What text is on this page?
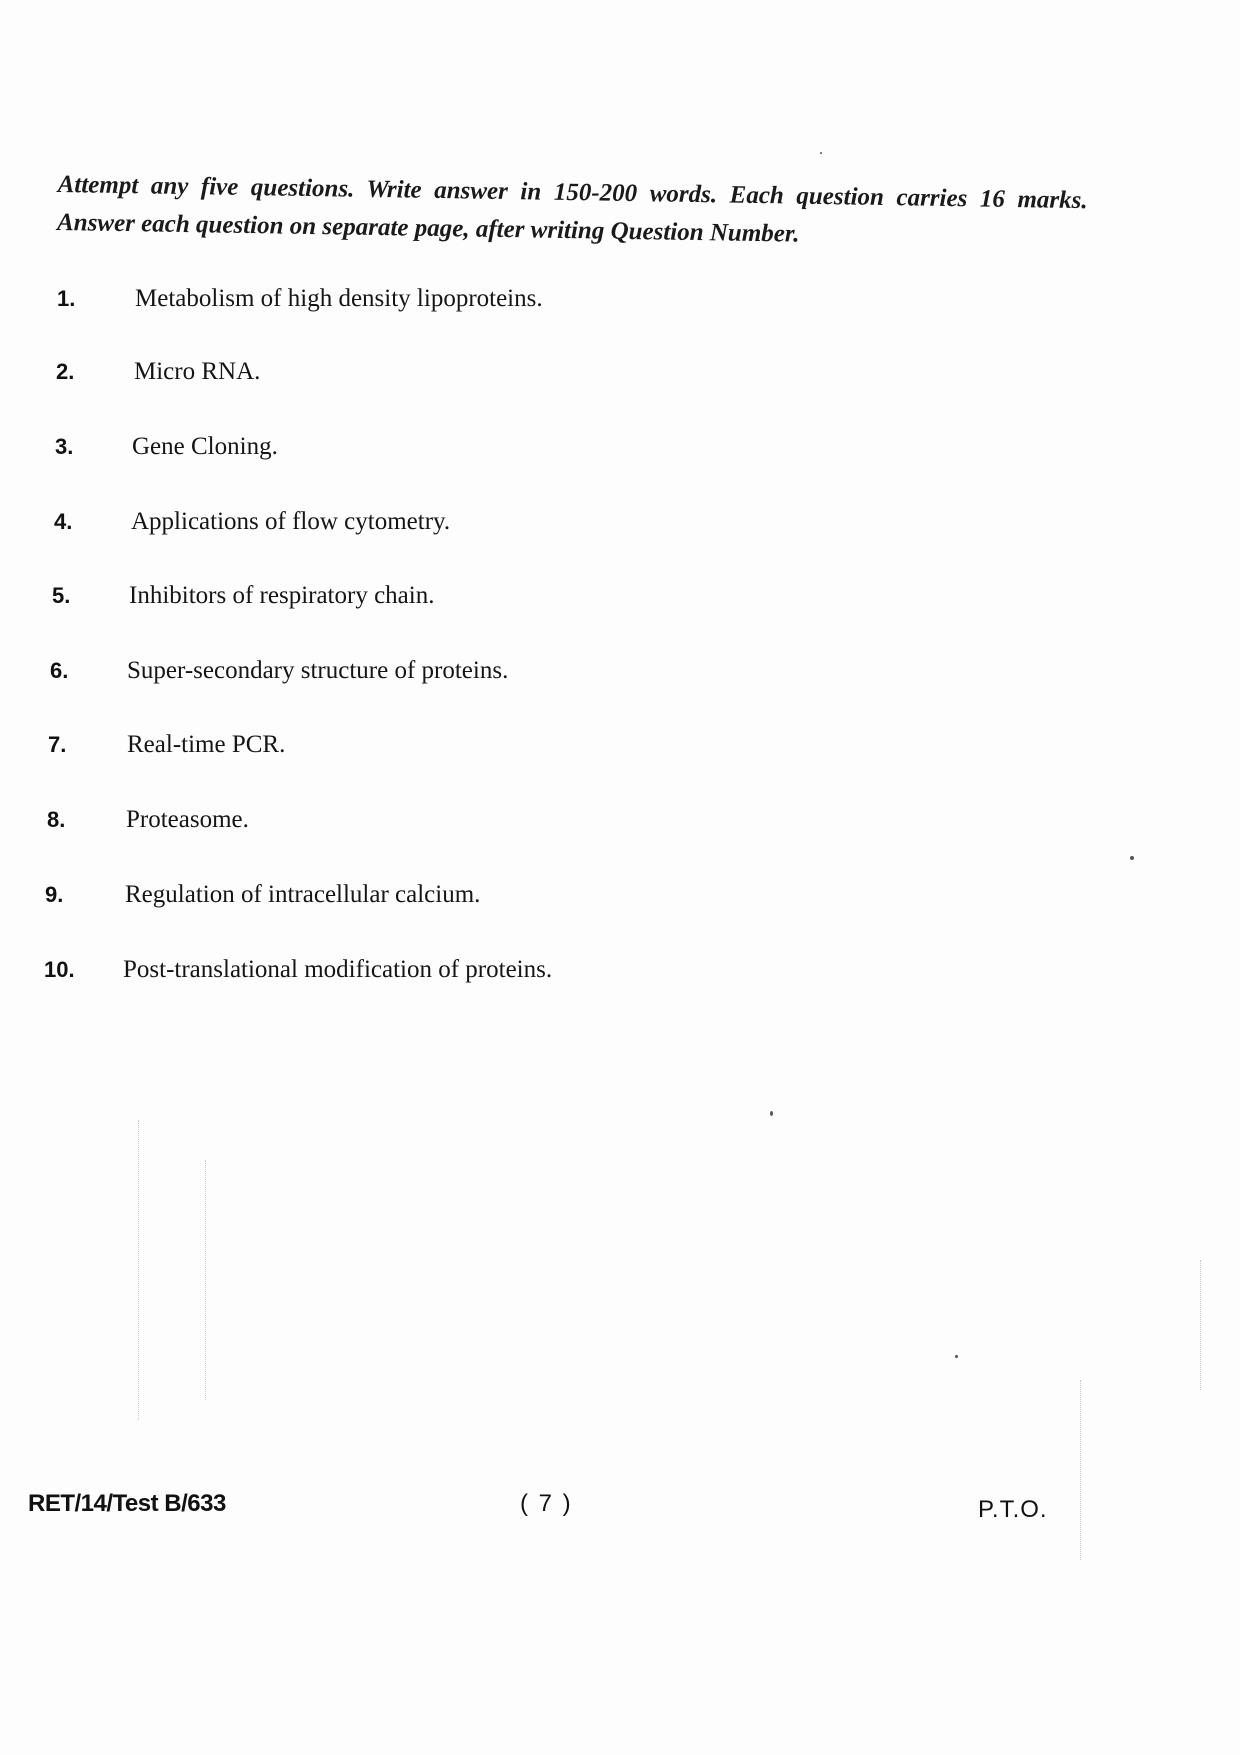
Attempt any five questions. Write answer in 150-200 words. Each question carries 16 marks. Answer each question on separate page, after writing Question Number.
1. Metabolism of high density lipoproteins.
2. Micro RNA.
3. Gene Cloning.
4. Applications of flow cytometry.
5. Inhibitors of respiratory chain.
6. Super-secondary structure of proteins.
7. Real-time PCR.
8. Proteasome.
9. Regulation of intracellular calcium.
10. Post-translational modification of proteins.
RET/14/Test B/633	( 7 )	P.T.O.
